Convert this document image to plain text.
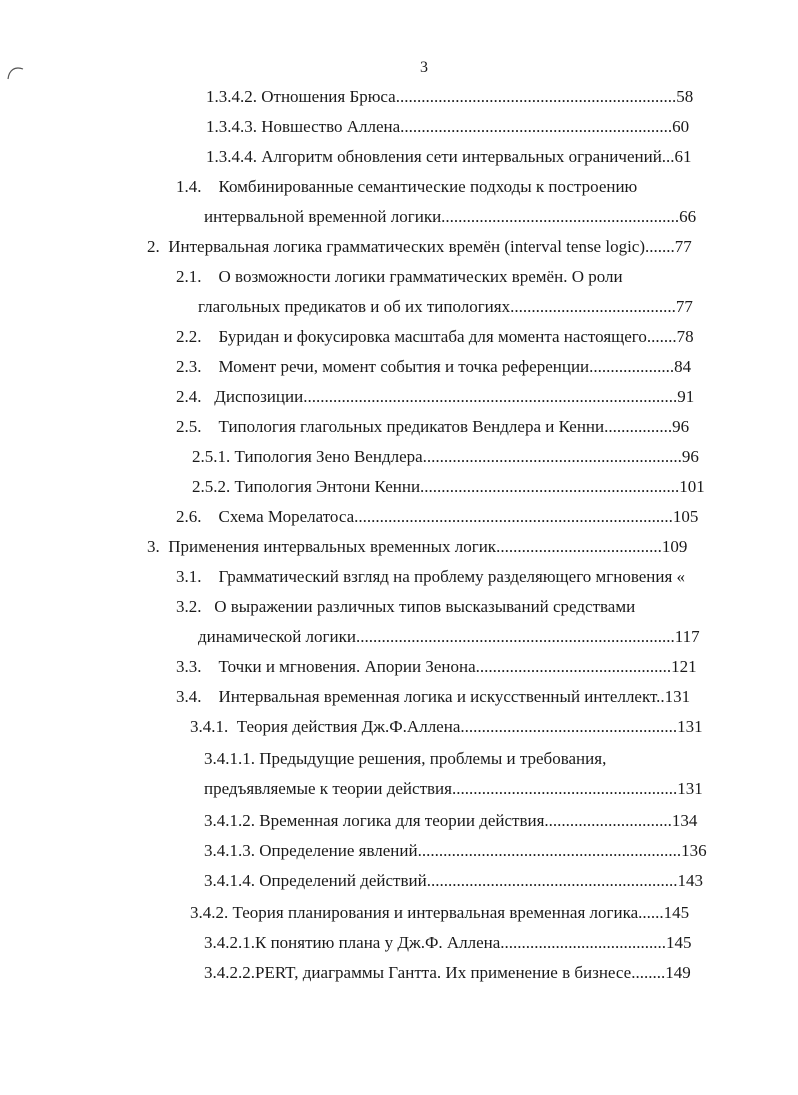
3
1.3.4.2. Отношения Брюса..................................................................58
1.3.4.3. Новшество Аллена................................................................60
1.3.4.4. Алгоритм обновления сети интервальных ограничений...61
1.4.    Комбинированные семантические подходы к построению
интервальной временной логики........................................................66
2.  Интервальная логика грамматических времён (interval tense logic).......77
2.1.    О возможности логики грамматических времён. О роли
глагольных предикатов и об их типологиях.......................................77
2.2.    Буридан и фокусировка масштаба для момента настоящего.......78
2.3.    Момент речи, момент события и точка референции....................84
2.4.   Диспозиции........................................................................................91
2.5.    Типология глагольных предикатов Вендлера и Кенни................96
2.5.1. Типология Зено Вендлера.............................................................96
2.5.2. Типология Энтони Кенни.............................................................101
2.6.    Схема Морелатоса...........................................................................105
3.  Применения интервальных временных логик.......................................109
3.1.    Грамматический взгляд на проблему разделяющего мгновения «
3.2.   О выражении различных типов высказываний средствами
динамической логики...........................................................................117
3.3.    Точки и мгновения. Апории Зенона..............................................121
3.4.    Интервальная временная логика и искусственный интеллект..131
3.4.1.  Теория действия Дж.Ф.Аллена...................................................131
3.4.1.1. Предыдущие решения, проблемы и требования,
предъявляемые к теории действия.....................................................131
3.4.1.2. Временная логика для теории действия..............................134
3.4.1.3. Определение явлений..............................................................136
3.4.1.4. Определений действий...........................................................143
3.4.2. Теория планирования и интервальная временная логика......145
3.4.2.1.К понятию плана у Дж.Ф. Аллена.......................................145
3.4.2.2.PERT, диаграммы Гантта. Их применение в бизнесе........149
